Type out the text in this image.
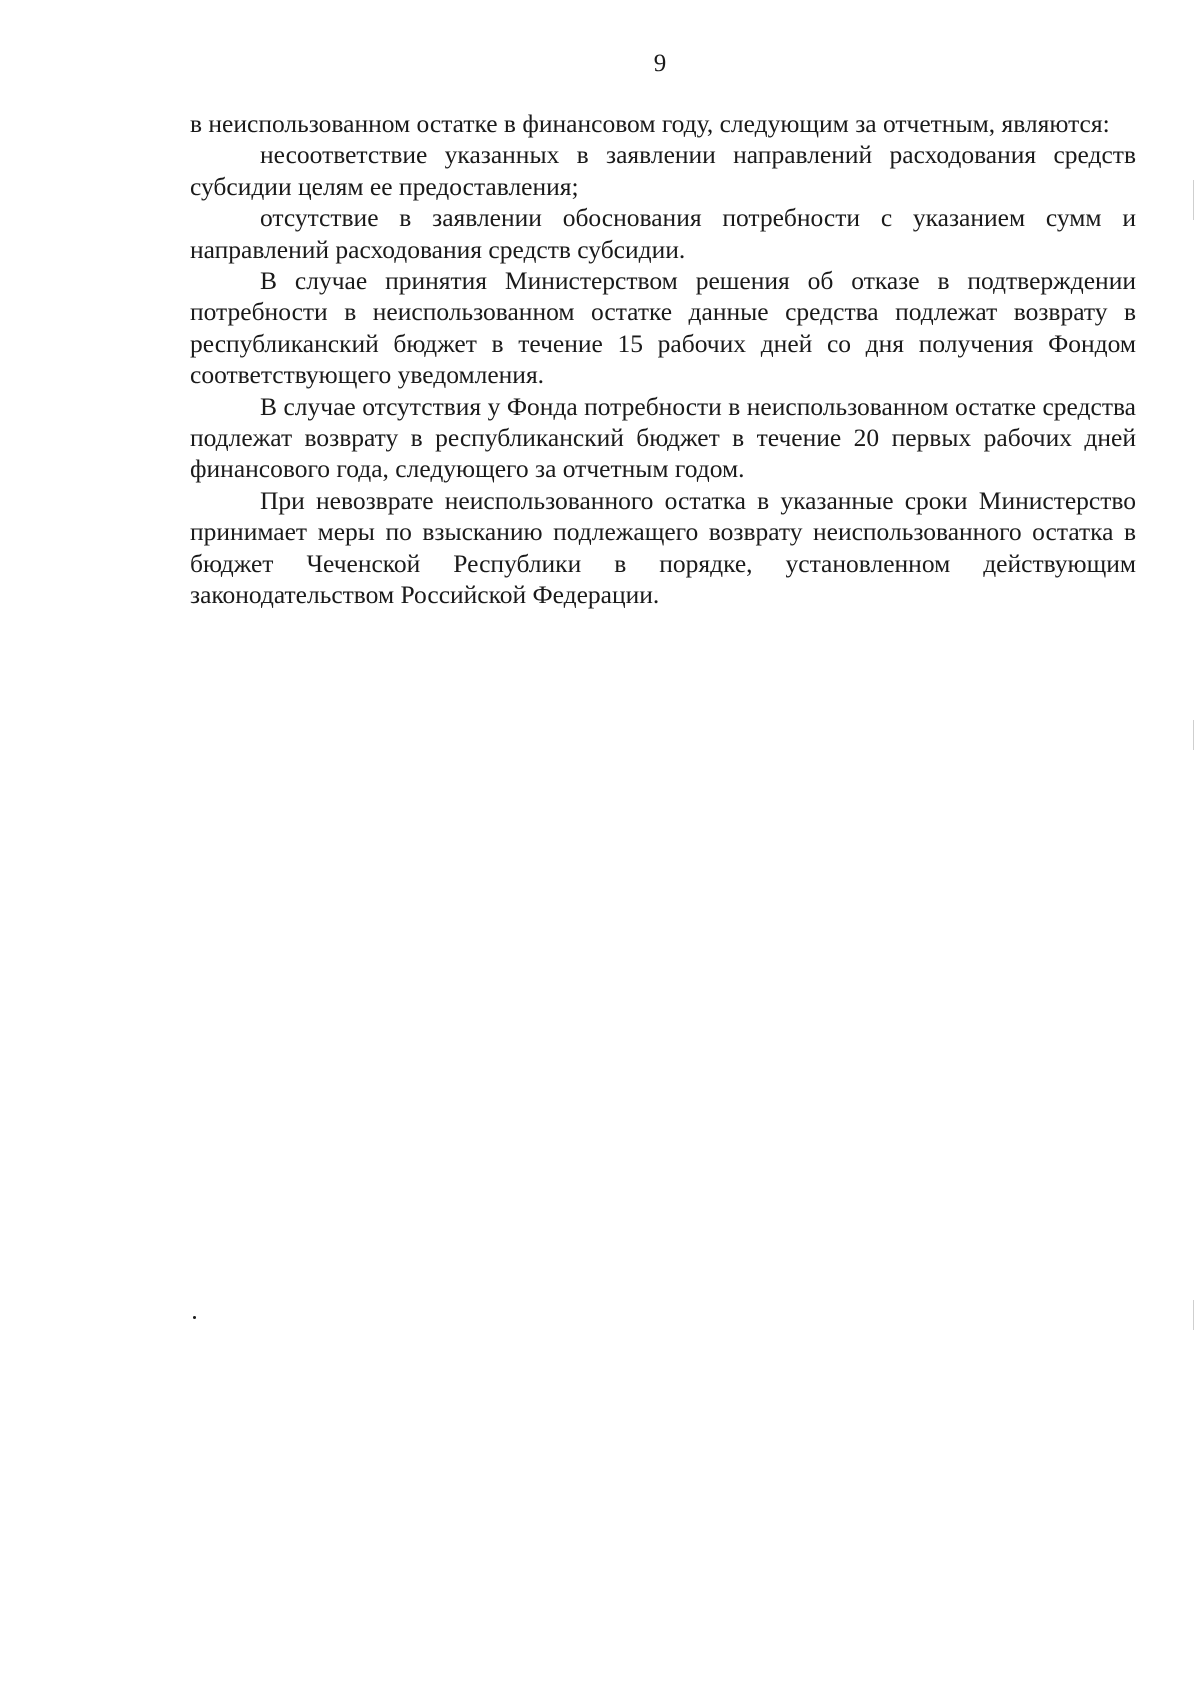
9

в неиспользованном остатке в финансовом году, следующим за отчетным, являются:

несоответствие указанных в заявлении направлений расходования средств субсидии целям ее предоставления;

отсутствие в заявлении обоснования потребности с указанием сумм и направлений расходования средств субсидии.

В случае принятия Министерством решения об отказе в подтверждении потребности в неиспользованном остатке данные средства подлежат возврату в республиканский бюджет в течение 15 рабочих дней со дня получения Фондом соответствующего уведомления.

В случае отсутствия у Фонда потребности в неиспользованном остатке средства подлежат возврату в республиканский бюджет в течение 20 первых рабочих дней финансового года, следующего за отчетным годом.

При невозврате неиспользованного остатка в указанные сроки Министерство принимает меры по взысканию подлежащего возврату неиспользованного остатка в бюджет Чеченской Республики в порядке, установленном действующим законодательством Российской Федерации.
